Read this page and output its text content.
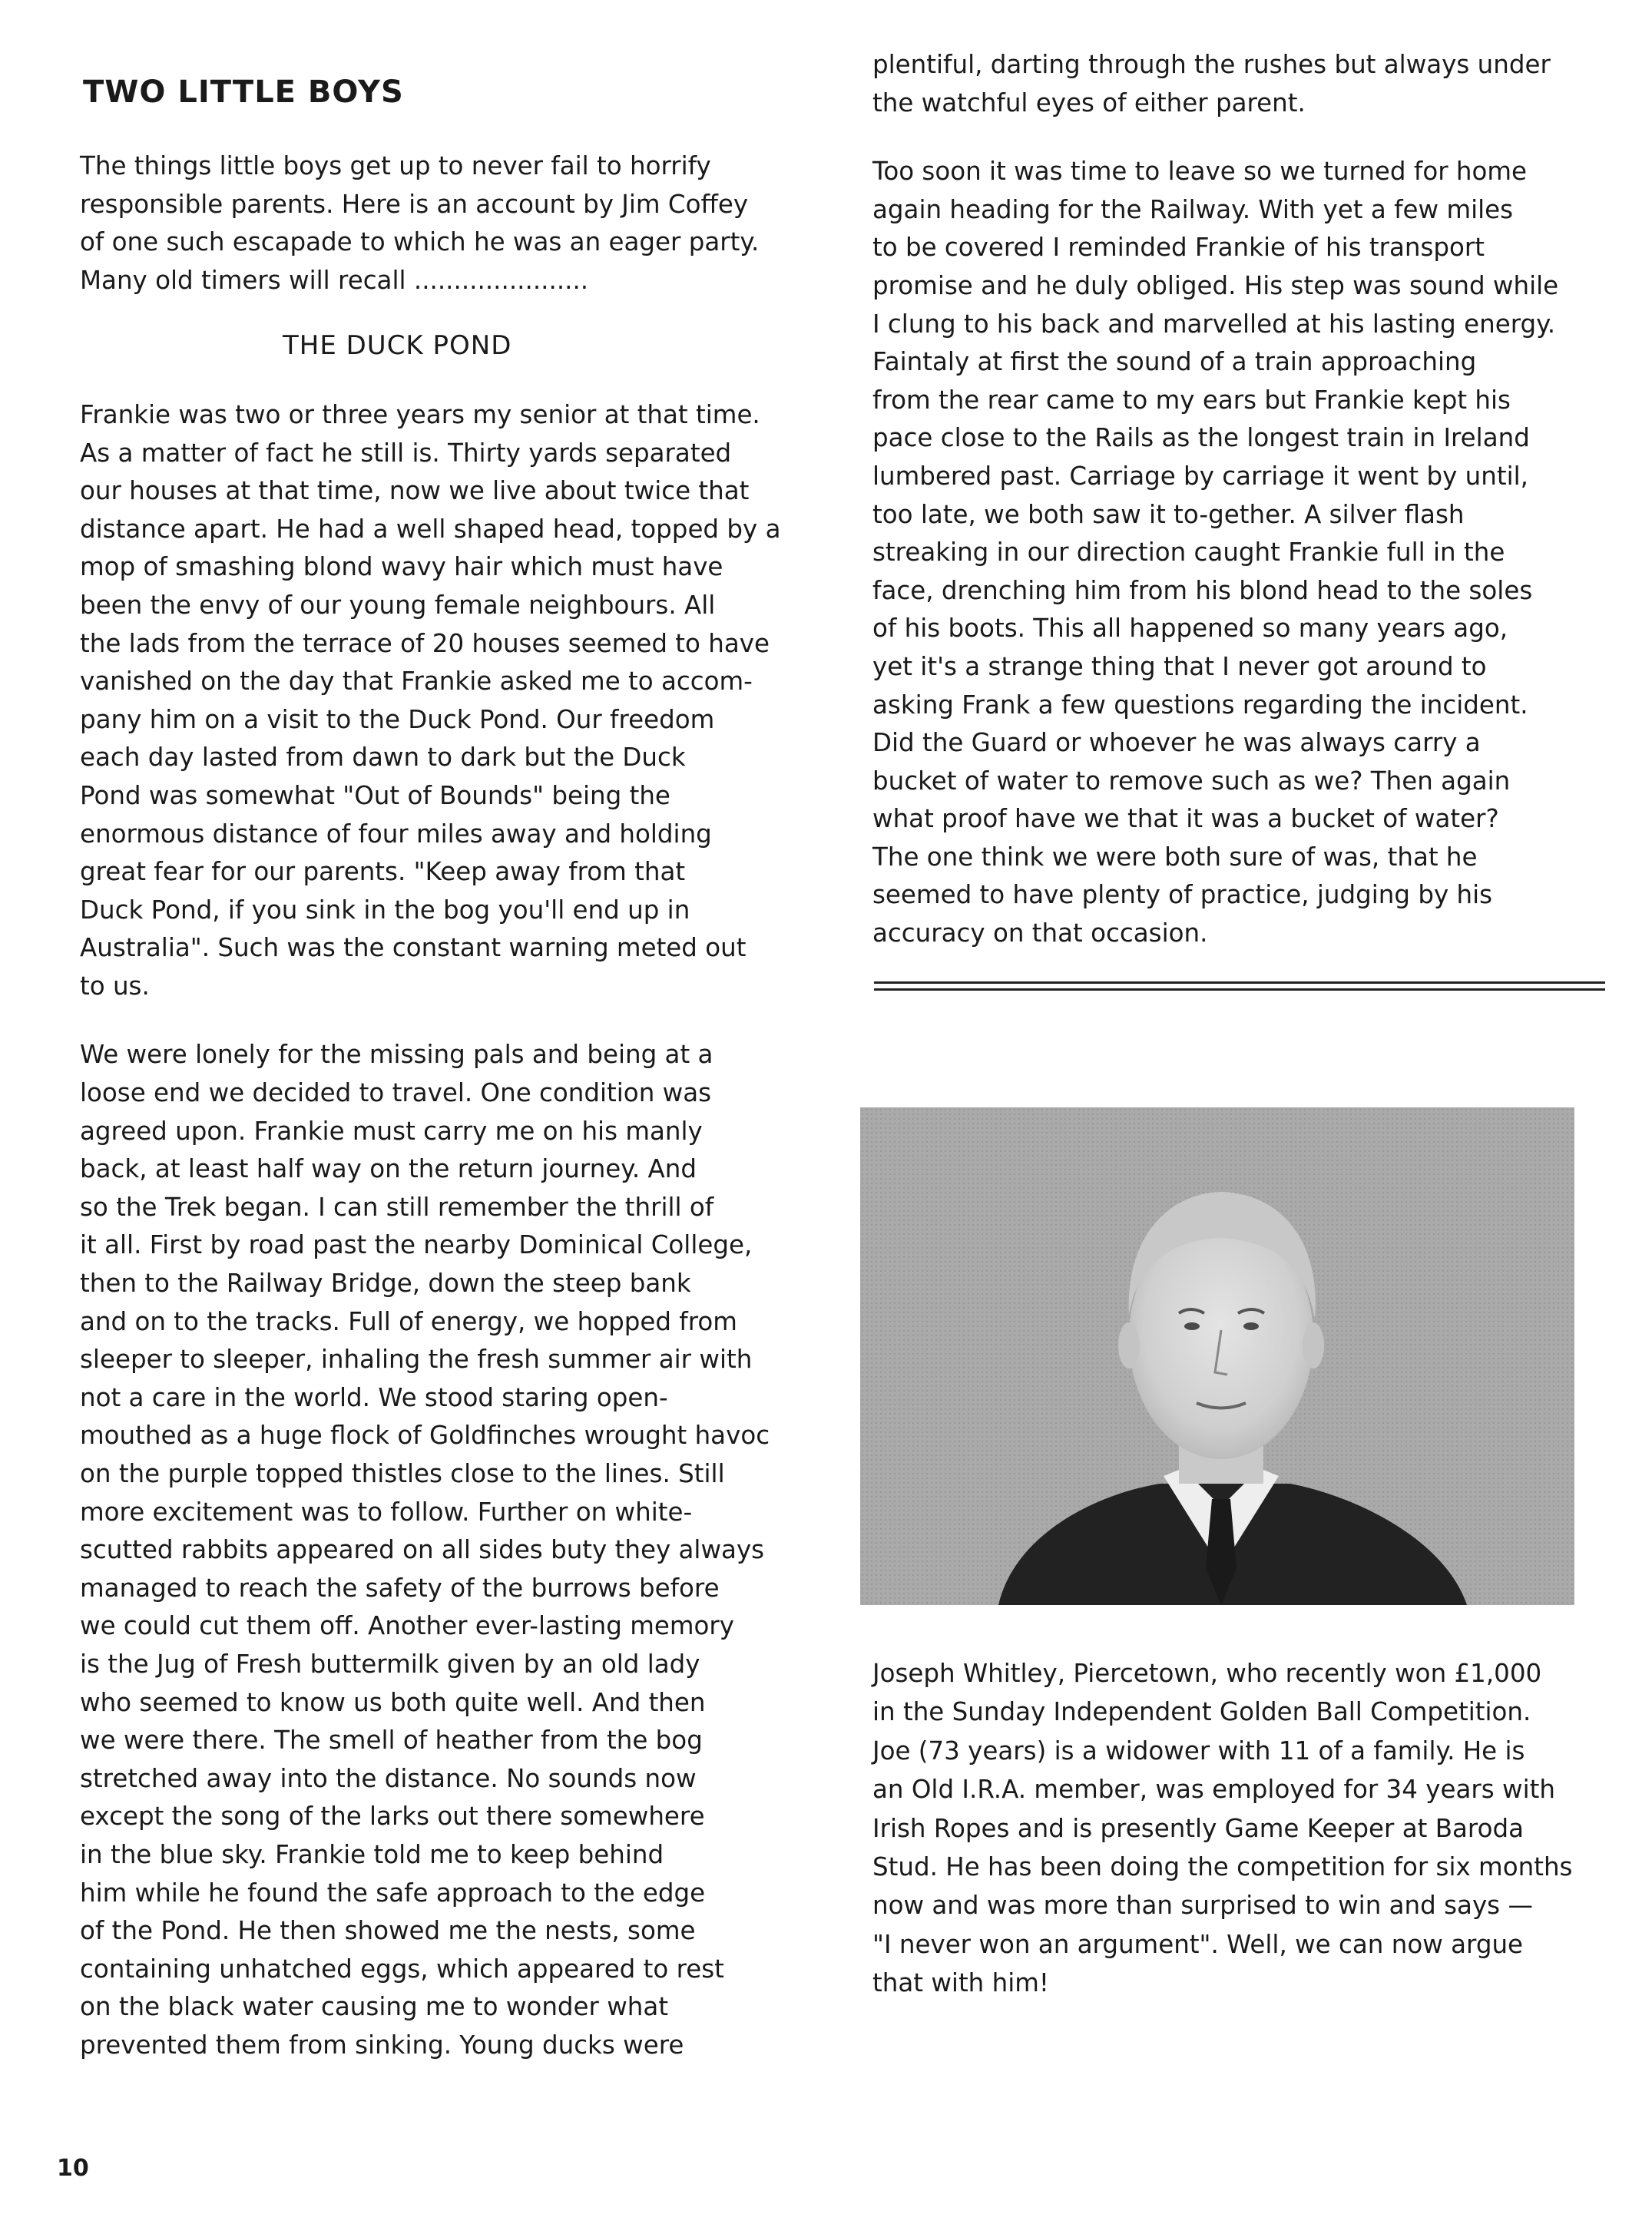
TWO LITTLE BOYS
The things little boys get up to never fail to horrify
responsible parents. Here is an account by Jim Coffey
of one such escapade to which he was an eager party.
Many old timers will recall ......................
THE DUCK POND
Frankie was two or three years my senior at that time.
As a matter of fact he still is. Thirty yards separated
our houses at that time, now we live about twice that
distance apart. He had a well shaped head, topped by a
mop of smashing blond wavy hair which must have
been the envy of our young female neighbours. All
the lads from the terrace of 20 houses seemed to have
vanished on the day that Frankie asked me to accom-
pany him on a visit to the Duck Pond. Our freedom
each day lasted from dawn to dark but the Duck
Pond was somewhat "Out of Bounds" being the
enormous distance of four miles away and holding
great fear for our parents. "Keep away from that
Duck Pond, if you sink in the bog you'll end up in
Australia". Such was the constant warning meted out
to us.
We were lonely for the missing pals and being at a
loose end we decided to travel. One condition was
agreed upon. Frankie must carry me on his manly
back, at least half way on the return journey. And
so the Trek began. I can still remember the thrill of
it all. First by road past the nearby Dominical College,
then to the Railway Bridge, down the steep bank
and on to the tracks. Full of energy, we hopped from
sleeper to sleeper, inhaling the fresh summer air with
not a care in the world. We stood staring open-
mouthed as a huge flock of Goldfinches wrought havoc
on the purple topped thistles close to the lines. Still
more excitement was to follow. Further on white-
scutted rabbits appeared on all sides buty they always
managed to reach the safety of the burrows before
we could cut them off. Another ever-lasting memory
is the Jug of Fresh buttermilk given by an old lady
who seemed to know us both quite well. And then
we were there. The smell of heather from the bog
stretched away into the distance. No sounds now
except the song of the larks out there somewhere
in the blue sky. Frankie told me to keep behind
him while he found the safe approach to the edge
of the Pond. He then showed me the nests, some
containing unhatched eggs, which appeared to rest
on the black water causing me to wonder what
prevented them from sinking. Young ducks were
plentiful, darting through the rushes but always under
the watchful eyes of either parent.
Too soon it was time to leave so we turned for home
again heading for the Railway. With yet a few miles
to be covered I reminded Frankie of his transport
promise and he duly obliged. His step was sound while
I clung to his back and marvelled at his lasting energy.
Faintaly at first the sound of a train approaching
from the rear came to my ears but Frankie kept his
pace close to the Rails as the longest train in Ireland
lumbered past. Carriage by carriage it went by until,
too late, we both saw it to-gether. A silver flash
streaking in our direction caught Frankie full in the
face, drenching him from his blond head to the soles
of his boots. This all happened so many years ago,
yet it's a strange thing that I never got around to
asking Frank a few questions regarding the incident.
Did the Guard or whoever he was always carry a
bucket of water to remove such as we? Then again
what proof have we that it was a bucket of water?
The one think we were both sure of was, that he
seemed to have plenty of practice, judging by his
accuracy on that occasion.
Joseph Whitley, Piercetown, who recently won £1,000
in the Sunday Independent Golden Ball Competition.
Joe (73 years) is a widower with 11 of a family. He is
an Old I.R.A. member, was employed for 34 years with
Irish Ropes and is presently Game Keeper at Baroda
Stud. He has been doing the competition for six months
now and was more than surprised to win and says —
"I never won an argument". Well, we can now argue
that with him!
10
